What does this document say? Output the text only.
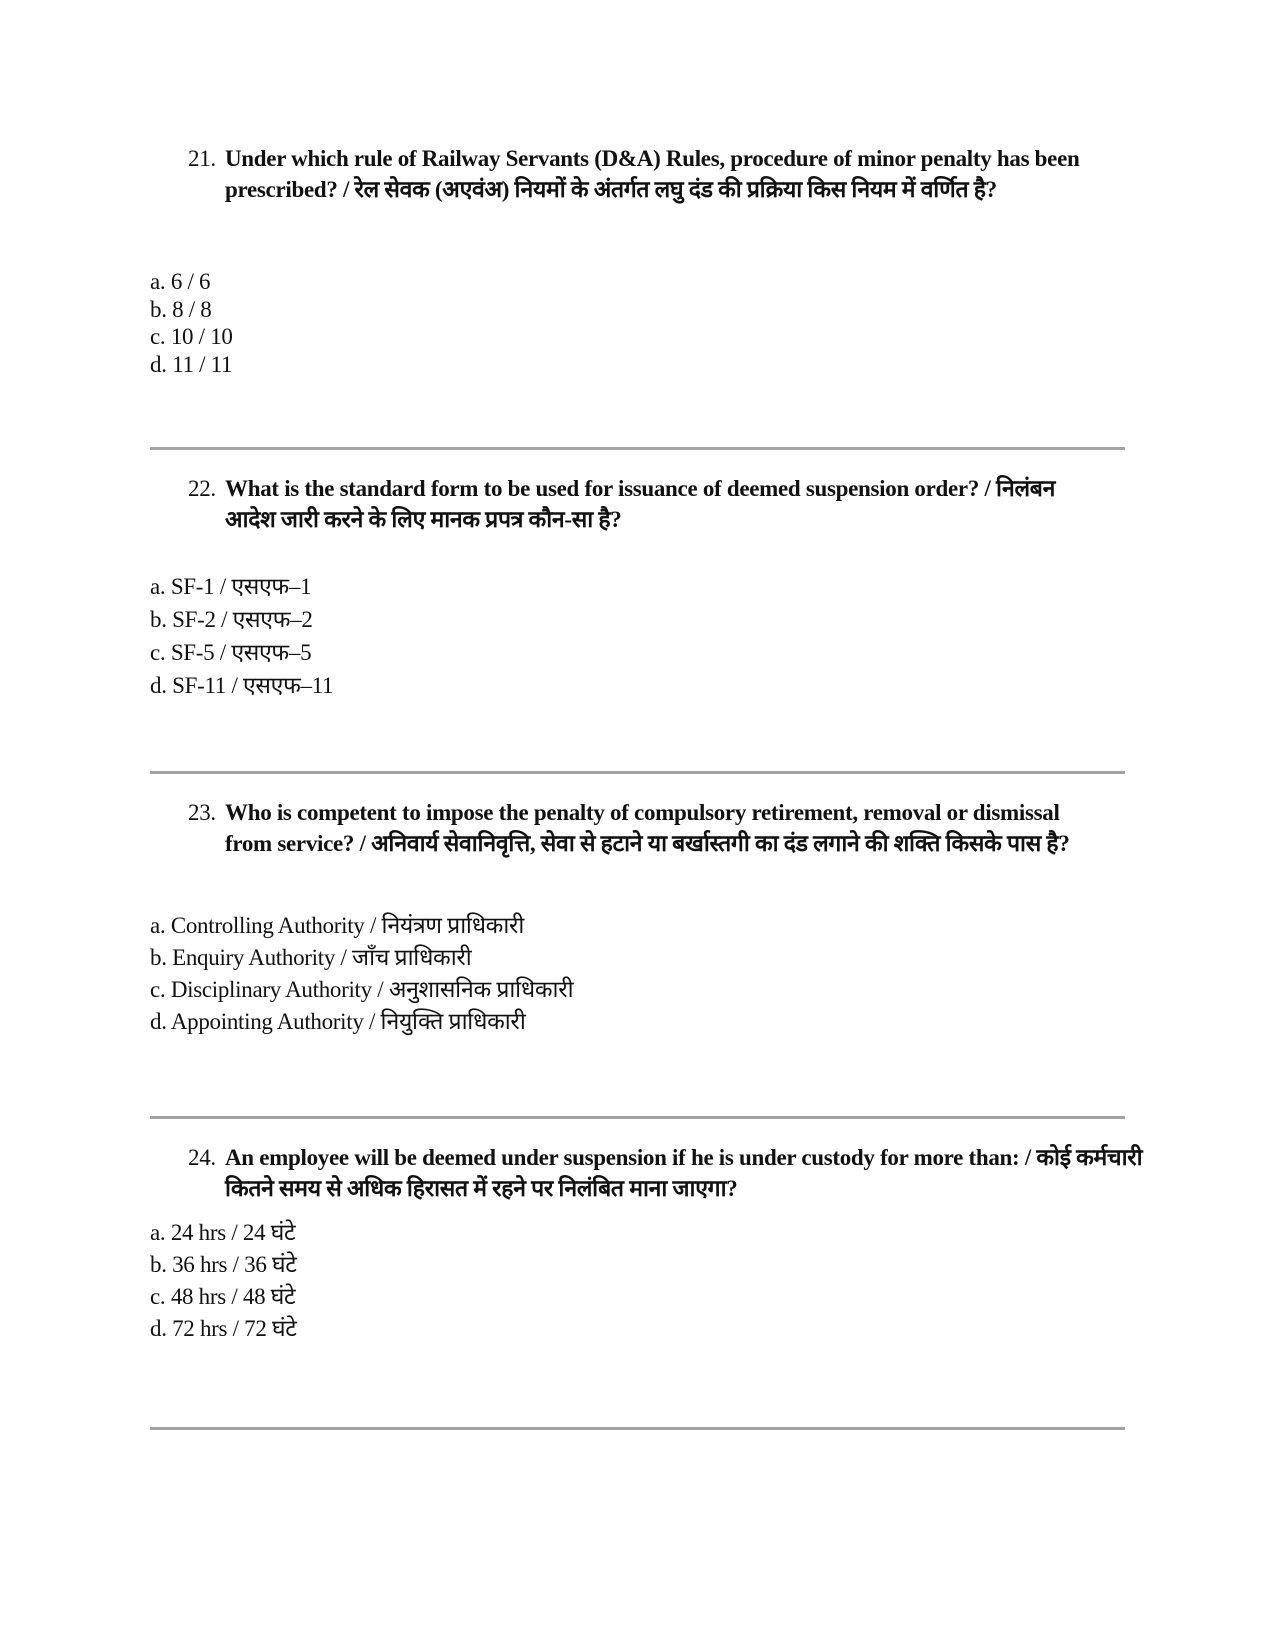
21. Under which rule of Railway Servants (D&A) Rules, procedure of minor penalty has been prescribed? / रेल सेवक (अएवंअ) नियमों के अंतर्गत लघु दंड की प्रक्रिया किस नियम में वर्णित है?
a. 6 / 6
b. 8 / 8
c. 10 / 10
d. 11 / 11
22. What is the standard form to be used for issuance of deemed suspension order? / निलंबन आदेश जारी करने के लिए मानक प्रपत्र कौन-सा है?
a. SF-1 / एसएफ–1
b. SF-2 / एसएफ–2
c. SF-5 / एसएफ–5
d. SF-11 / एसएफ–11
23. Who is competent to impose the penalty of compulsory retirement, removal or dismissal from service? / अनिवार्य सेवानिवृत्ति, सेवा से हटाने या बर्खास्तगी का दंड लगाने की शक्ति किसके पास है?
a. Controlling Authority / नियंत्रण प्राधिकारी
b. Enquiry Authority / जाँच प्राधिकारी
c. Disciplinary Authority / अनुशासनिक प्राधिकारी
d. Appointing Authority / नियुक्ति प्राधिकारी
24. An employee will be deemed under suspension if he is under custody for more than: / कोई कर्मचारी कितने समय से अधिक हिरासत में रहने पर निलंबित माना जाएगा?
a. 24 hrs / 24 घंटे
b. 36 hrs / 36 घंटे
c. 48 hrs / 48 घंटे
d. 72 hrs / 72 घंटे
